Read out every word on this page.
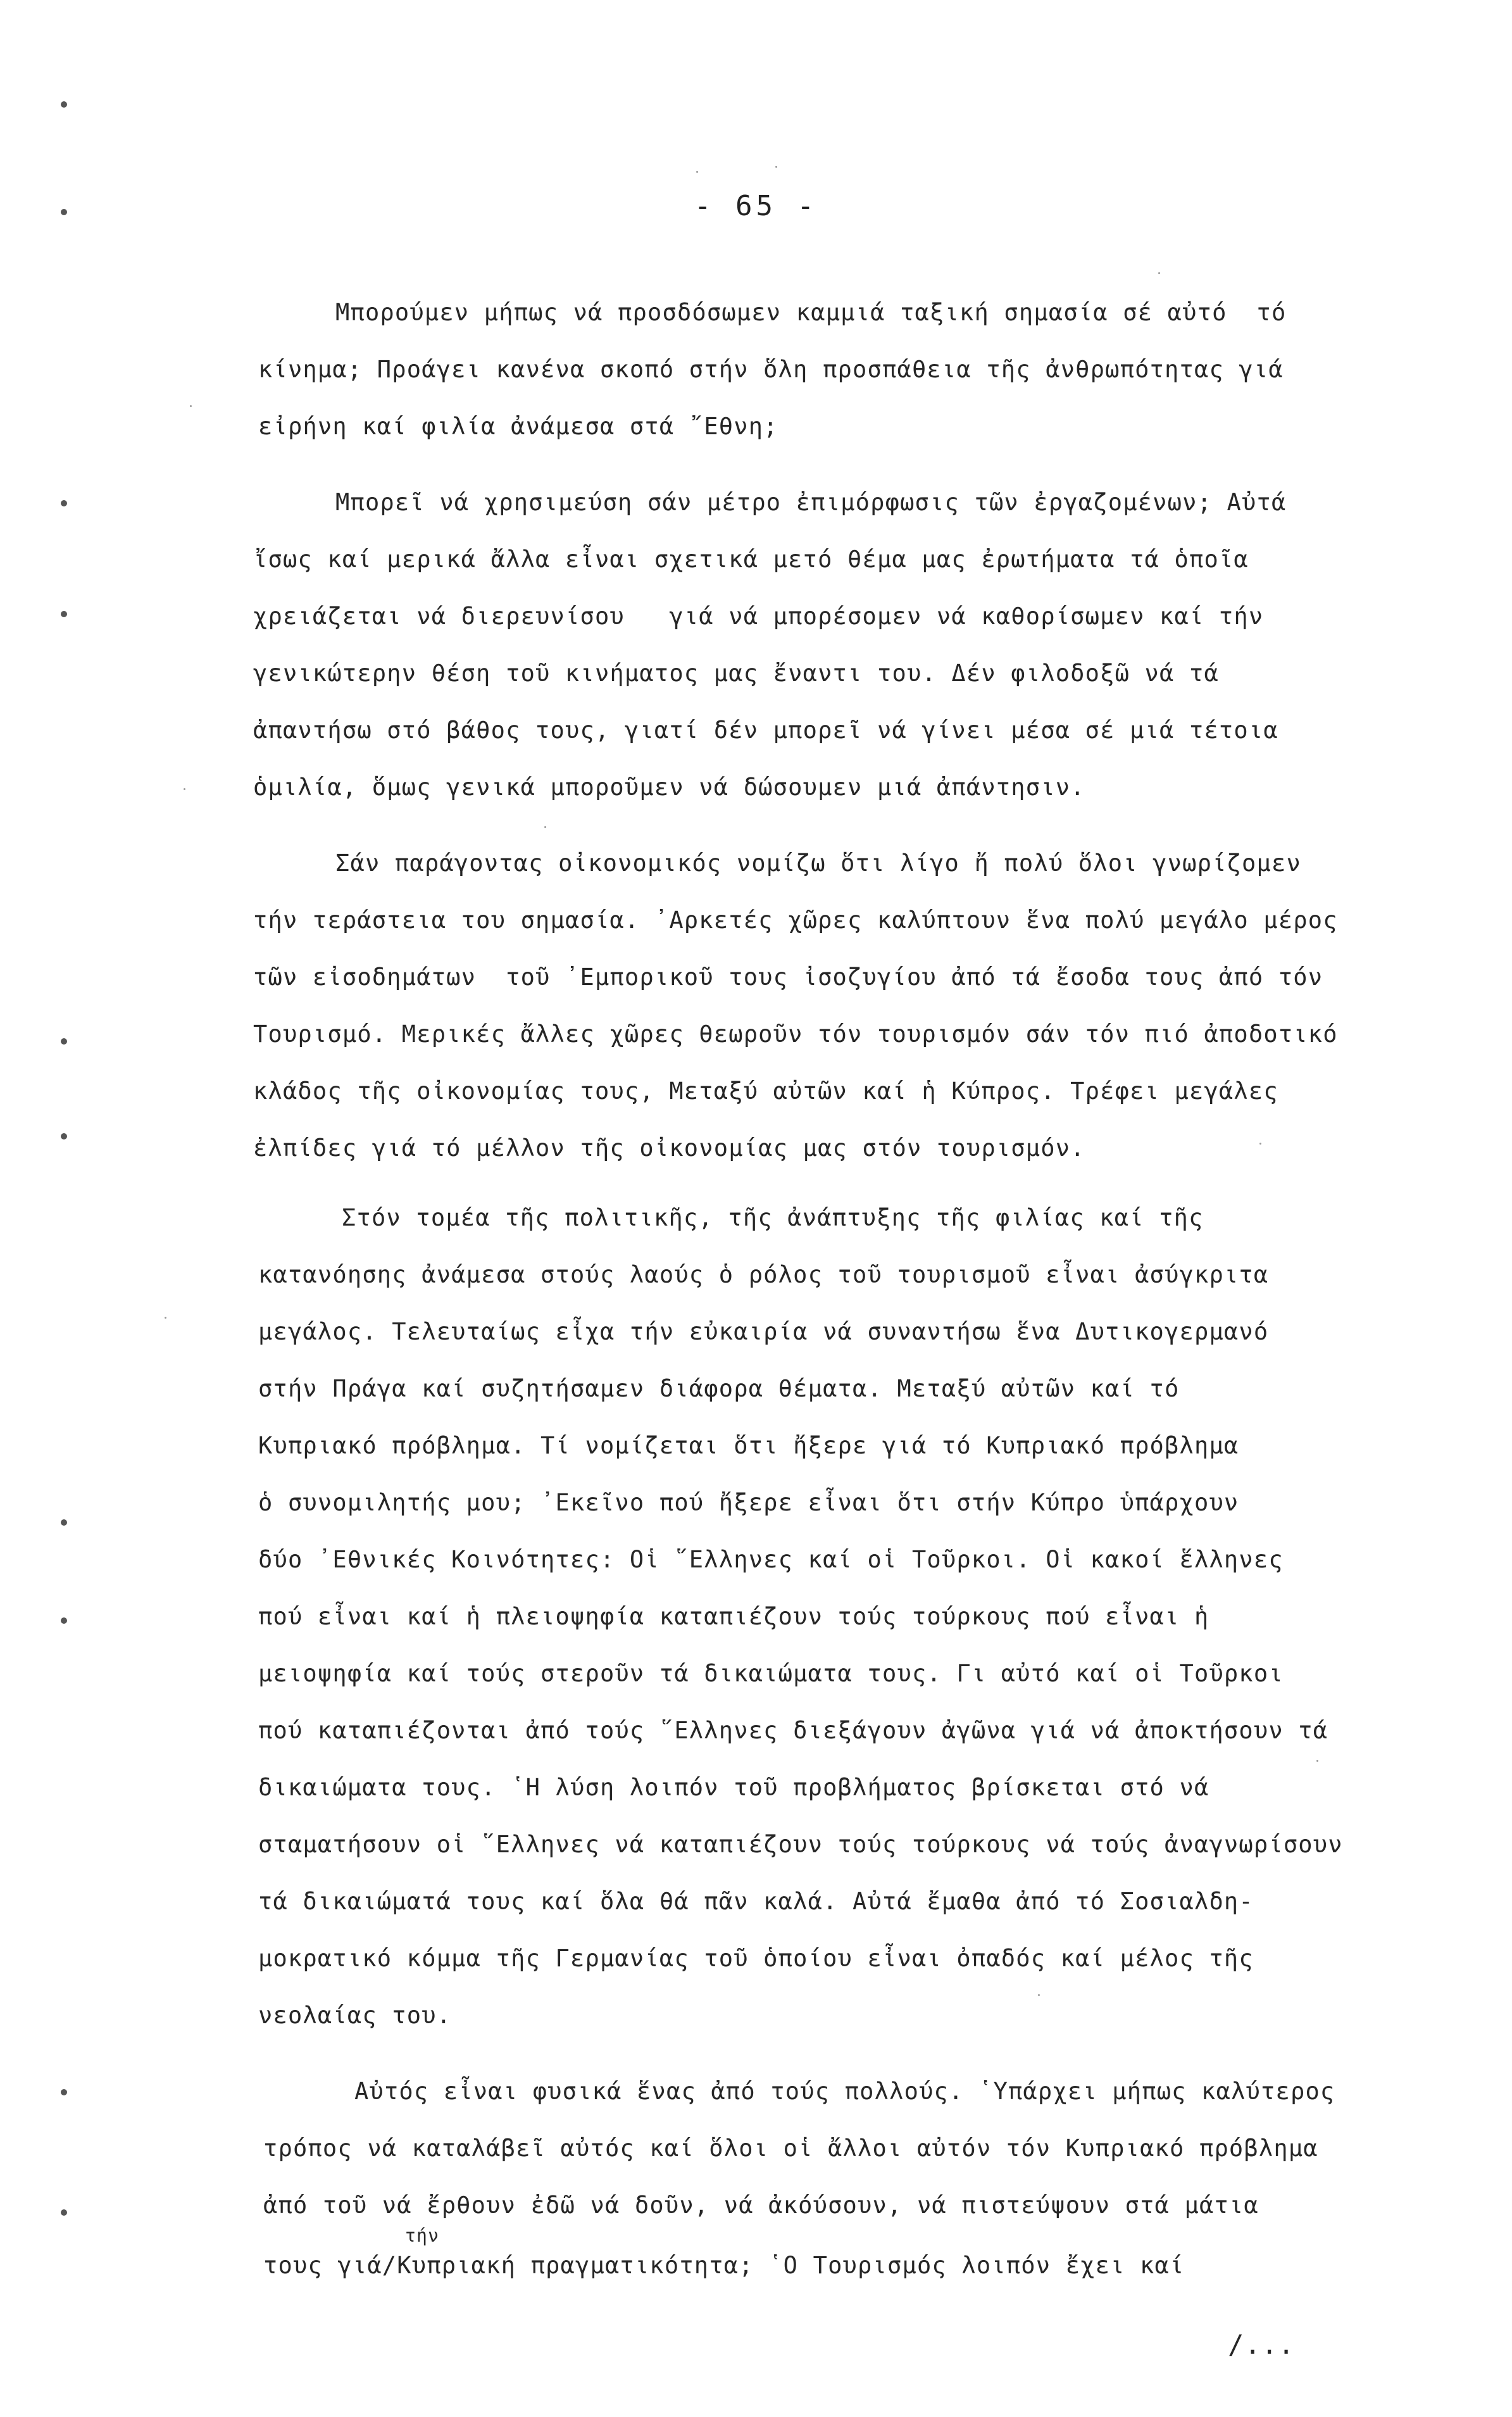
- 65 -
Μπορούμεν μήπως νά προσδόσωμεν καμμιά ταξική σημασία σέ αὐτό  τό
κίνημα; Προάγει κανένα σκοπό στήν ὅλη προσπάθεια τῆς ἀνθρωπότητας γιά
εἰρήνη καί φιλία ἀνάμεσα στά ῎Εθνη;
Μπορεῖ νά χρησιμεύση σάν μέτρο ἐπιμόρφωσις τῶν ἐργαζομένων; Αὐτά
ἴσως καί μερικά ἄλλα εἶναι σχετικά μετό θέμα μας ἐρωτήματα τά ὁποῖα
χρειάζεται νά διερευνίσου   γιά νά μπορέσομεν νά καθορίσωμεν καί τήν
γενικώτερην θέση τοῦ κινήματος μας ἔναντι του. Δέν φιλοδοξῶ νά τά
ἀπαντήσω στό βάθος τους, γιατί δέν μπορεῖ νά γίνει μέσα σέ μιά τέτοια
ὁμιλία, ὅμως γενικά μποροῦμεν νά δώσουμεν μιά ἀπάντησιν.
Σάν παράγοντας οἰκονομικός νομίζω ὅτι λίγο ἤ πολύ ὅλοι γνωρίζομεν
τήν τεράστεια του σημασία. ᾿Αρκετές χῶρες καλύπτουν ἕνα πολύ μεγάλο μέρος
τῶν εἰσοδημάτων  τοῦ ᾿Εμπορικοῦ τους ἰσοζυγίου ἀπό τά ἔσοδα τους ἀπό τόν
Τουρισμό. Μερικές ἄλλες χῶρες θεωροῦν τόν τουρισμόν σάν τόν πιό ἀποδοτικό
κλάδος τῆς οἰκονομίας τους, Μεταξύ αὐτῶν καί ἡ Κύπρος. Τρέφει μεγάλες
ἐλπίδες γιά τό μέλλον τῆς οἰκονομίας μας στόν τουρισμόν.
Στόν τομέα τῆς πολιτικῆς, τῆς ἀνάπτυξης τῆς φιλίας καί τῆς
κατανόησης ἀνάμεσα στούς λαούς ὁ ρόλος τοῦ τουρισμοῦ εἶναι ἀσύγκριτα
μεγάλος. Τελευταίως εἶχα τήν εὐκαιρία νά συναντήσω ἕνα Δυτικογερμανό
στήν Πράγα καί συζητήσαμεν διάφορα θέματα. Μεταξύ αὐτῶν καί τό
Κυπριακό πρόβλημα. Τί νομίζεται ὅτι ἤξερε γιά τό Κυπριακό πρόβλημα
ὁ συνομιλητής μου; ᾿Εκεῖνο πού ἤξερε εἶναι ὅτι στήν Κύπρο ὑπάρχουν
δύο ᾿Εθνικές Κοινότητες: Οἱ ῞Ελληνες καί οἱ Τοῦρκοι. Οἱ κακοί ἕλληνες
πού εἶναι καί ἡ πλειοψηφία καταπιέζουν τούς τούρκους πού εἶναι ἡ
μειοψηφία καί τούς στεροῦν τά δικαιώματα τους. Γι αὐτό καί οἱ Τοῦρκοι
πού καταπιέζονται ἀπό τούς ῞Ελληνες διεξάγουν ἀγῶνα γιά νά ἀποκτήσουν τά
δικαιώματα τους. ῾Η λύση λοιπόν τοῦ προβλήματος βρίσκεται στό νά
σταματήσουν οἱ ῞Ελληνες νά καταπιέζουν τούς τούρκους νά τούς ἀναγνωρίσουν
τά δικαιώματά τους καί ὅλα θά πᾶν καλά. Αὐτά ἔμαθα ἀπό τό Σοσιαλδη-
μοκρατικό κόμμα τῆς Γερμανίας τοῦ ὁποίου εἶναι ὀπαδός καί μέλος τῆς
νεολαίας του.
Αὐτός εἶναι φυσικά ἕνας ἀπό τούς πολλούς. ῾Υπάρχει μήπως καλύτερος
τρόπος νά καταλάβεῖ αὐτός καί ὅλοι οἱ ἄλλοι αὐτόν τόν Κυπριακό πρόβλημα
ἀπό τοῦ νά ἔρθουν ἐδῶ νά δοῦν, νά ἀκόύσουν, νά πιστεύψουν στά μάτια
τους γιά/Κυπριακή πραγματικότητα; ῾Ο Τουρισμός λοιπόν ἔχει καί
τήν
/...
